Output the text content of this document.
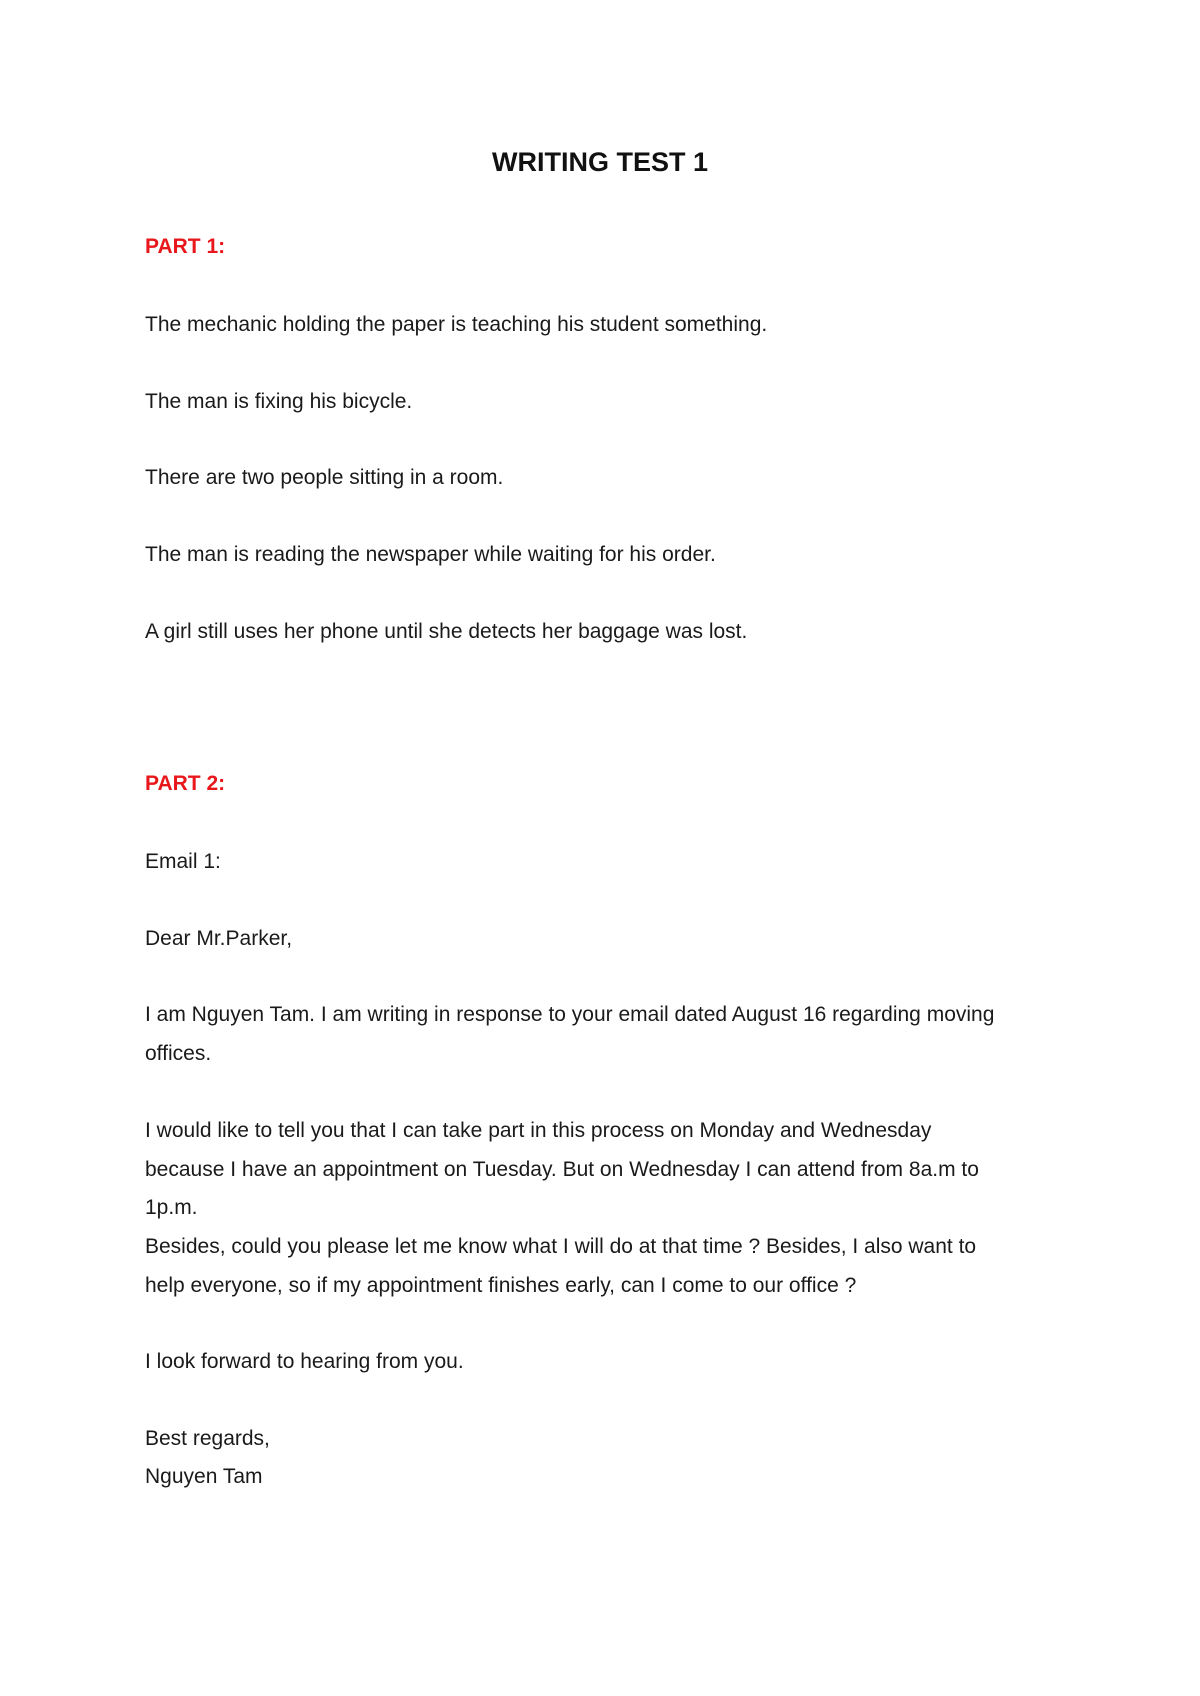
WRITING TEST 1
PART 1:
The mechanic holding the paper is teaching his student something.
The man is fixing his bicycle.
There are two people sitting in a room.
The man is reading the newspaper while waiting for his order.
A girl still uses her phone until she detects her baggage was lost.
PART 2:
Email 1:
Dear Mr.Parker,
I am Nguyen Tam. I am writing in response to your email dated August 16 regarding moving
offices.
I would like to tell you that I can take part in this process on Monday and Wednesday
because I have an appointment on Tuesday. But on Wednesday I can attend from 8a.m to
1p.m.
Besides, could you please let me know what I will do at that time ? Besides, I also want to
help everyone, so if my appointment finishes early, can I come to our office ?
I look forward to hearing from you.
Best regards,
Nguyen Tam
